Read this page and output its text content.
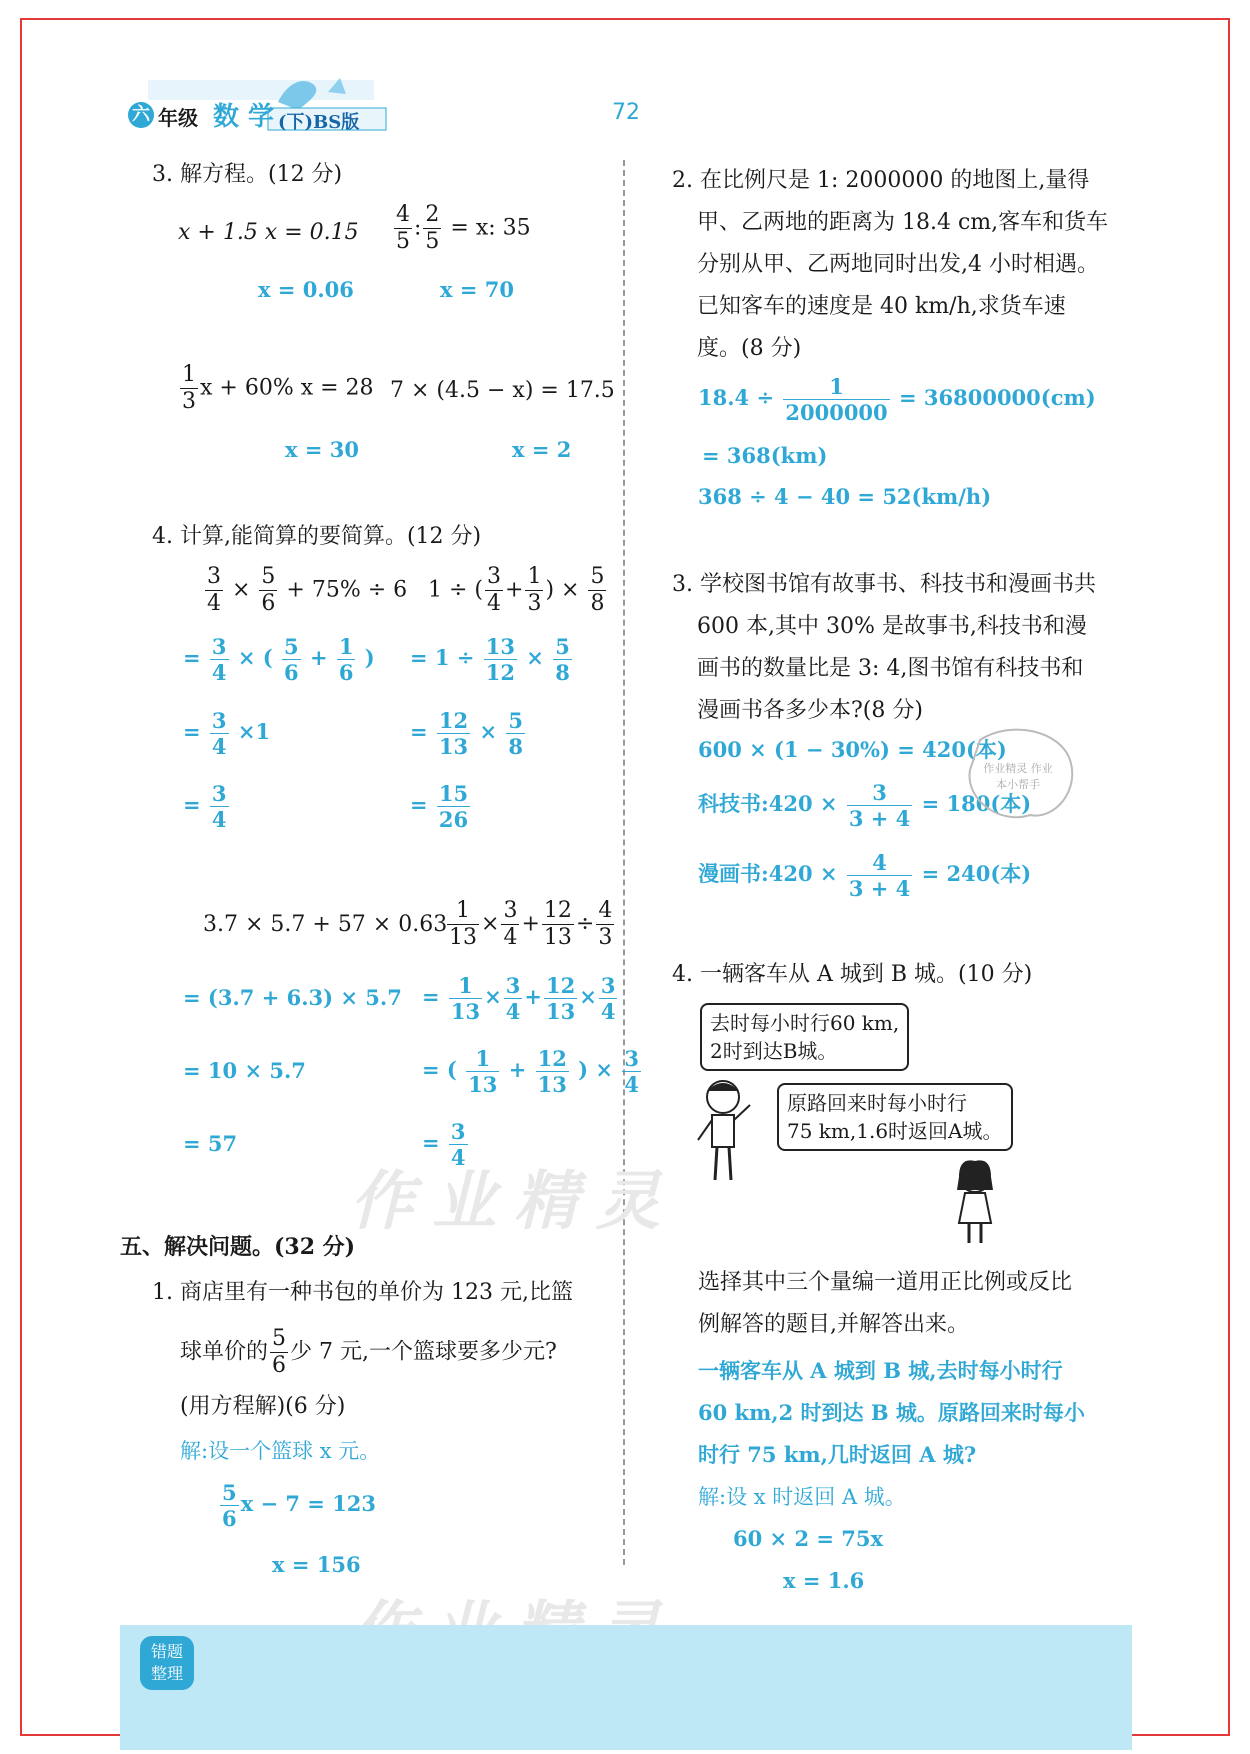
六 年级 数 学 (下)BS版	72
3. 解方程。(12 分)
x + 1.5 $x = 0.15 \frac{4}{5}$ : $\frac{2}{5} = x$: 35
x = 0.06	x = 70
$\frac{1}{3}$ x + 60% x = 28 7 × (4.5 − x) = 17.5
x = 30	x = 2
4. 计算,能简算的要简算。(12 分)
$\frac{3}{4} \times \frac{5}{6} + 75\% \div 6$
= $\frac{3}{4}$ × ( $\frac{5}{6} + \frac{1}{6}$ )
= $\frac{3}{4} \times 1$
= $\frac{3}{4}$
1 ÷ ( $\frac{3}{4} + \frac{1}{3}$ ) × $\frac{5}{8}$
= $1 \div \frac{13}{12} \times \frac{5}{8}$
= $\frac{12}{13} \times \frac{5}{8}$
= $\frac{15}{26}$
3.7 × 5.7 + 57 × 0.63
= (3.7 + 6.3) × 5.7
= 10 × 5.7
= 57
$\frac{1}{13} \times \frac{3}{4} + \frac{12}{13} \div \frac{4}{3}$
= $\frac{1}{13} \times \frac{3}{4} + \frac{12}{13} \times \frac{3}{4}$
= ( $\frac{1}{13} + \frac{12}{13}$ ) × $\frac{3}{4}$
= $\frac{3}{4}$
作业精灵
五、解决问题。(32 分)
1. 商店里有一种书包的单价为 123 元,比篮
球单价的 $\frac{5}{6}$ 少 7 元,一个篮球要多少元?
(用方程解)(6 分)
解:设一个篮球 x 元。
$\frac{5}{6}$ x − 7 = 123
x = 156
2. 在比例尺是 1: 2000000 的地图上,量得
甲、乙两地的距离为 18.4 cm,客车和货车
分别从甲、乙两地同时出发,4 小时相遇。
已知客车的速度是 40 km/h,求货车速
度。(8 分)
$18.4 \div \frac{1}{2000000} = 36800000(cm)$
= 368(km)
368 ÷ 4 − 40 = 52(km/h)
3. 学校图书馆有故事书、科技书和漫画书共
600 本,其中 30% 是故事书,科技书和漫
画书的数量比是 3: 4,图书馆有科技书和
漫画书各多少本?(8 分)
600 × (1 − 30%) = 420(本)
科技书:420 × $\frac{3}{3 + 4} = 180$(本)
漫画书:420 × $\frac{4}{3 + 4} = 240$(本)
作业精灵 作业本小帮手
4. 一辆客车从 A 城到 B 城。(10 分)
去时每小时行60 km,
2时到达B城。
原路回来时每小时行
75 km,1.6时返回A城。
选择其中三个量编一道用正比例或反比
例解答的题目,并解答出来。
一辆客车从 A 城到 B 城,去时每小时行
60 km,2 时到达 B 城。原路回来时每小
时行 75 km,几时返回 A 城?
解:设 x 时返回 A 城。
60 × 2 = 75x
x = 1.6
错题
整理
